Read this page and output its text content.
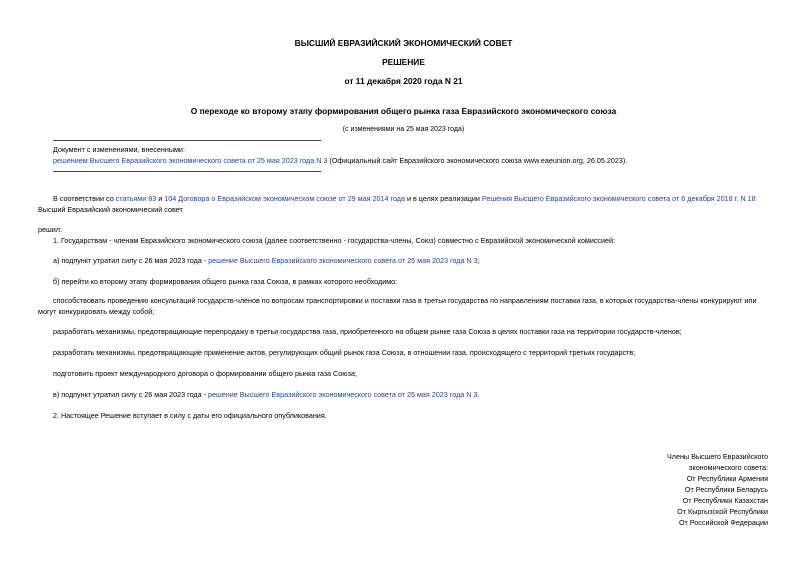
ВЫСШИЙ ЕВРАЗИЙСКИЙ ЭКОНОМИЧЕСКИЙ СОВЕТ
РЕШЕНИЕ
от 11 декабря 2020 года N 21
О переходе ко второму этапу формирования общего рынка газа Евразийского экономического союза
(с изменениями на 25 мая 2023 года)
Документ с изменениями, внесенными:
решением Высшего Евразийского экономического совета от 25 мая 2023 года N 3 (Официальный сайт Евразийского экономического союза www.eaeunion.org, 26.05.2023).
В соответствии со статьями 83 и 104 Договора о Евразийском экономическом союзе от 29 мая 2014 года и в целях реализации Решения Высшего Евразийского экономического совета от 6 декабря 2018 г. N 18 Высший Евразийский экономический совет
решил:
1. Государствам - членам Евразийского экономического союза (далее соответственно - государства-члены, Союз) совместно с Евразийской экономической комиссией:
а) подпункт утратил силу с 26 мая 2023 года - решение Высшего Евразийского экономического совета от 25 мая 2023 года N 3;
б) перейти ко второму этапу формирования общего рынка газа Союза, в рамках которого необходимо:
способствовать проведению консультаций государств-членов по вопросам транспортировки и поставки газа в третьи государства по направлениям поставки газа, в которых государства-члены конкурируют или могут конкурировать между собой;
разработать механизмы, предотвращающие перепродажу в третьи государства газа, приобретенного на общем рынке газа Союза в целях поставки газа на территории государств-членов;
разработать механизмы, предотвращающие применение актов, регулирующих общий рынок газа Союза, в отношении газа, происходящего с территорий третьих государств;
подготовить проект международного договора о формировании общего рынка газа Союза;
в) подпункт утратил силу с 26 мая 2023 года - решение Высшего Евразийского экономического совета от 25 мая 2023 года N 3.
2. Настоящее Решение вступает в силу с даты его официального опубликования.
Члены Высшего Евразийского
экономического совета:
От Республики Армения
От Республики Беларусь
От Республики Казахстан
От Кыргызской Республики
От Российской Федерации
